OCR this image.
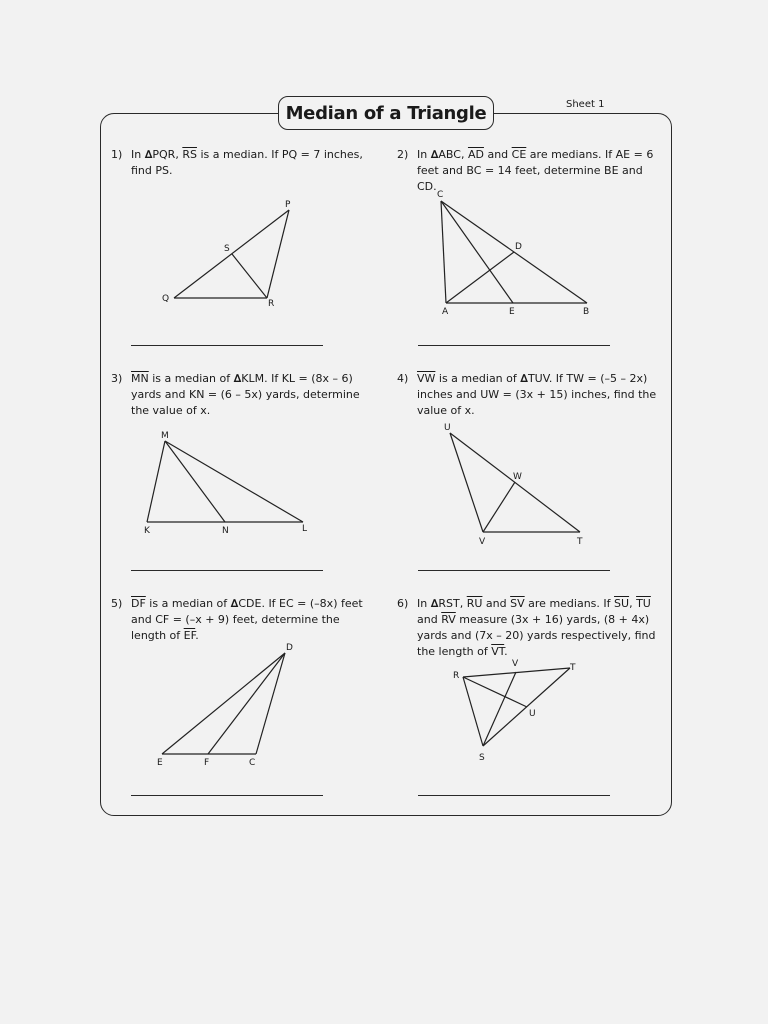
Sheet 1
Median of a Triangle
1) In ∆PQR, $\overline{RS}$ is a median. If PQ = 7 inches, find PS.
2) In ∆ABC, $\overline{AD}$ and $\overline{CE}$ are medians. If AE = 6 feet and BC = 14 feet, determine BE and CD.
3) $\overline{MN}$ is a median of ∆KLM. If KL = (8x – 6) yards and KN = (6 – 5x) yards, determine the value of x.
4) $\overline{VW}$ is a median of ∆TUV. If TW = (–5 – 2x) inches and UW = (3x + 15) inches, find the value of x.
5) $\overline{DF}$ is a median of ∆CDE. If EC = (–8x) feet and CF = (–x + 9) feet, determine the length of $\overline{EF}$.
6) In ∆RST, $\overline{RU}$ and $\overline{SV}$ are medians. If $\overline{SU}$, $\overline{TU}$ and $\overline{RV}$ measure (3x + 16) yards, (8 + 4x) yards and (7x – 20) yards respectively, find the length of $\overline{VT}$.
P
S
Q	R
C
D
A	E	B
M
K	N	L
U
W
V	T
D
E	F	C
R
V	T
U
S
